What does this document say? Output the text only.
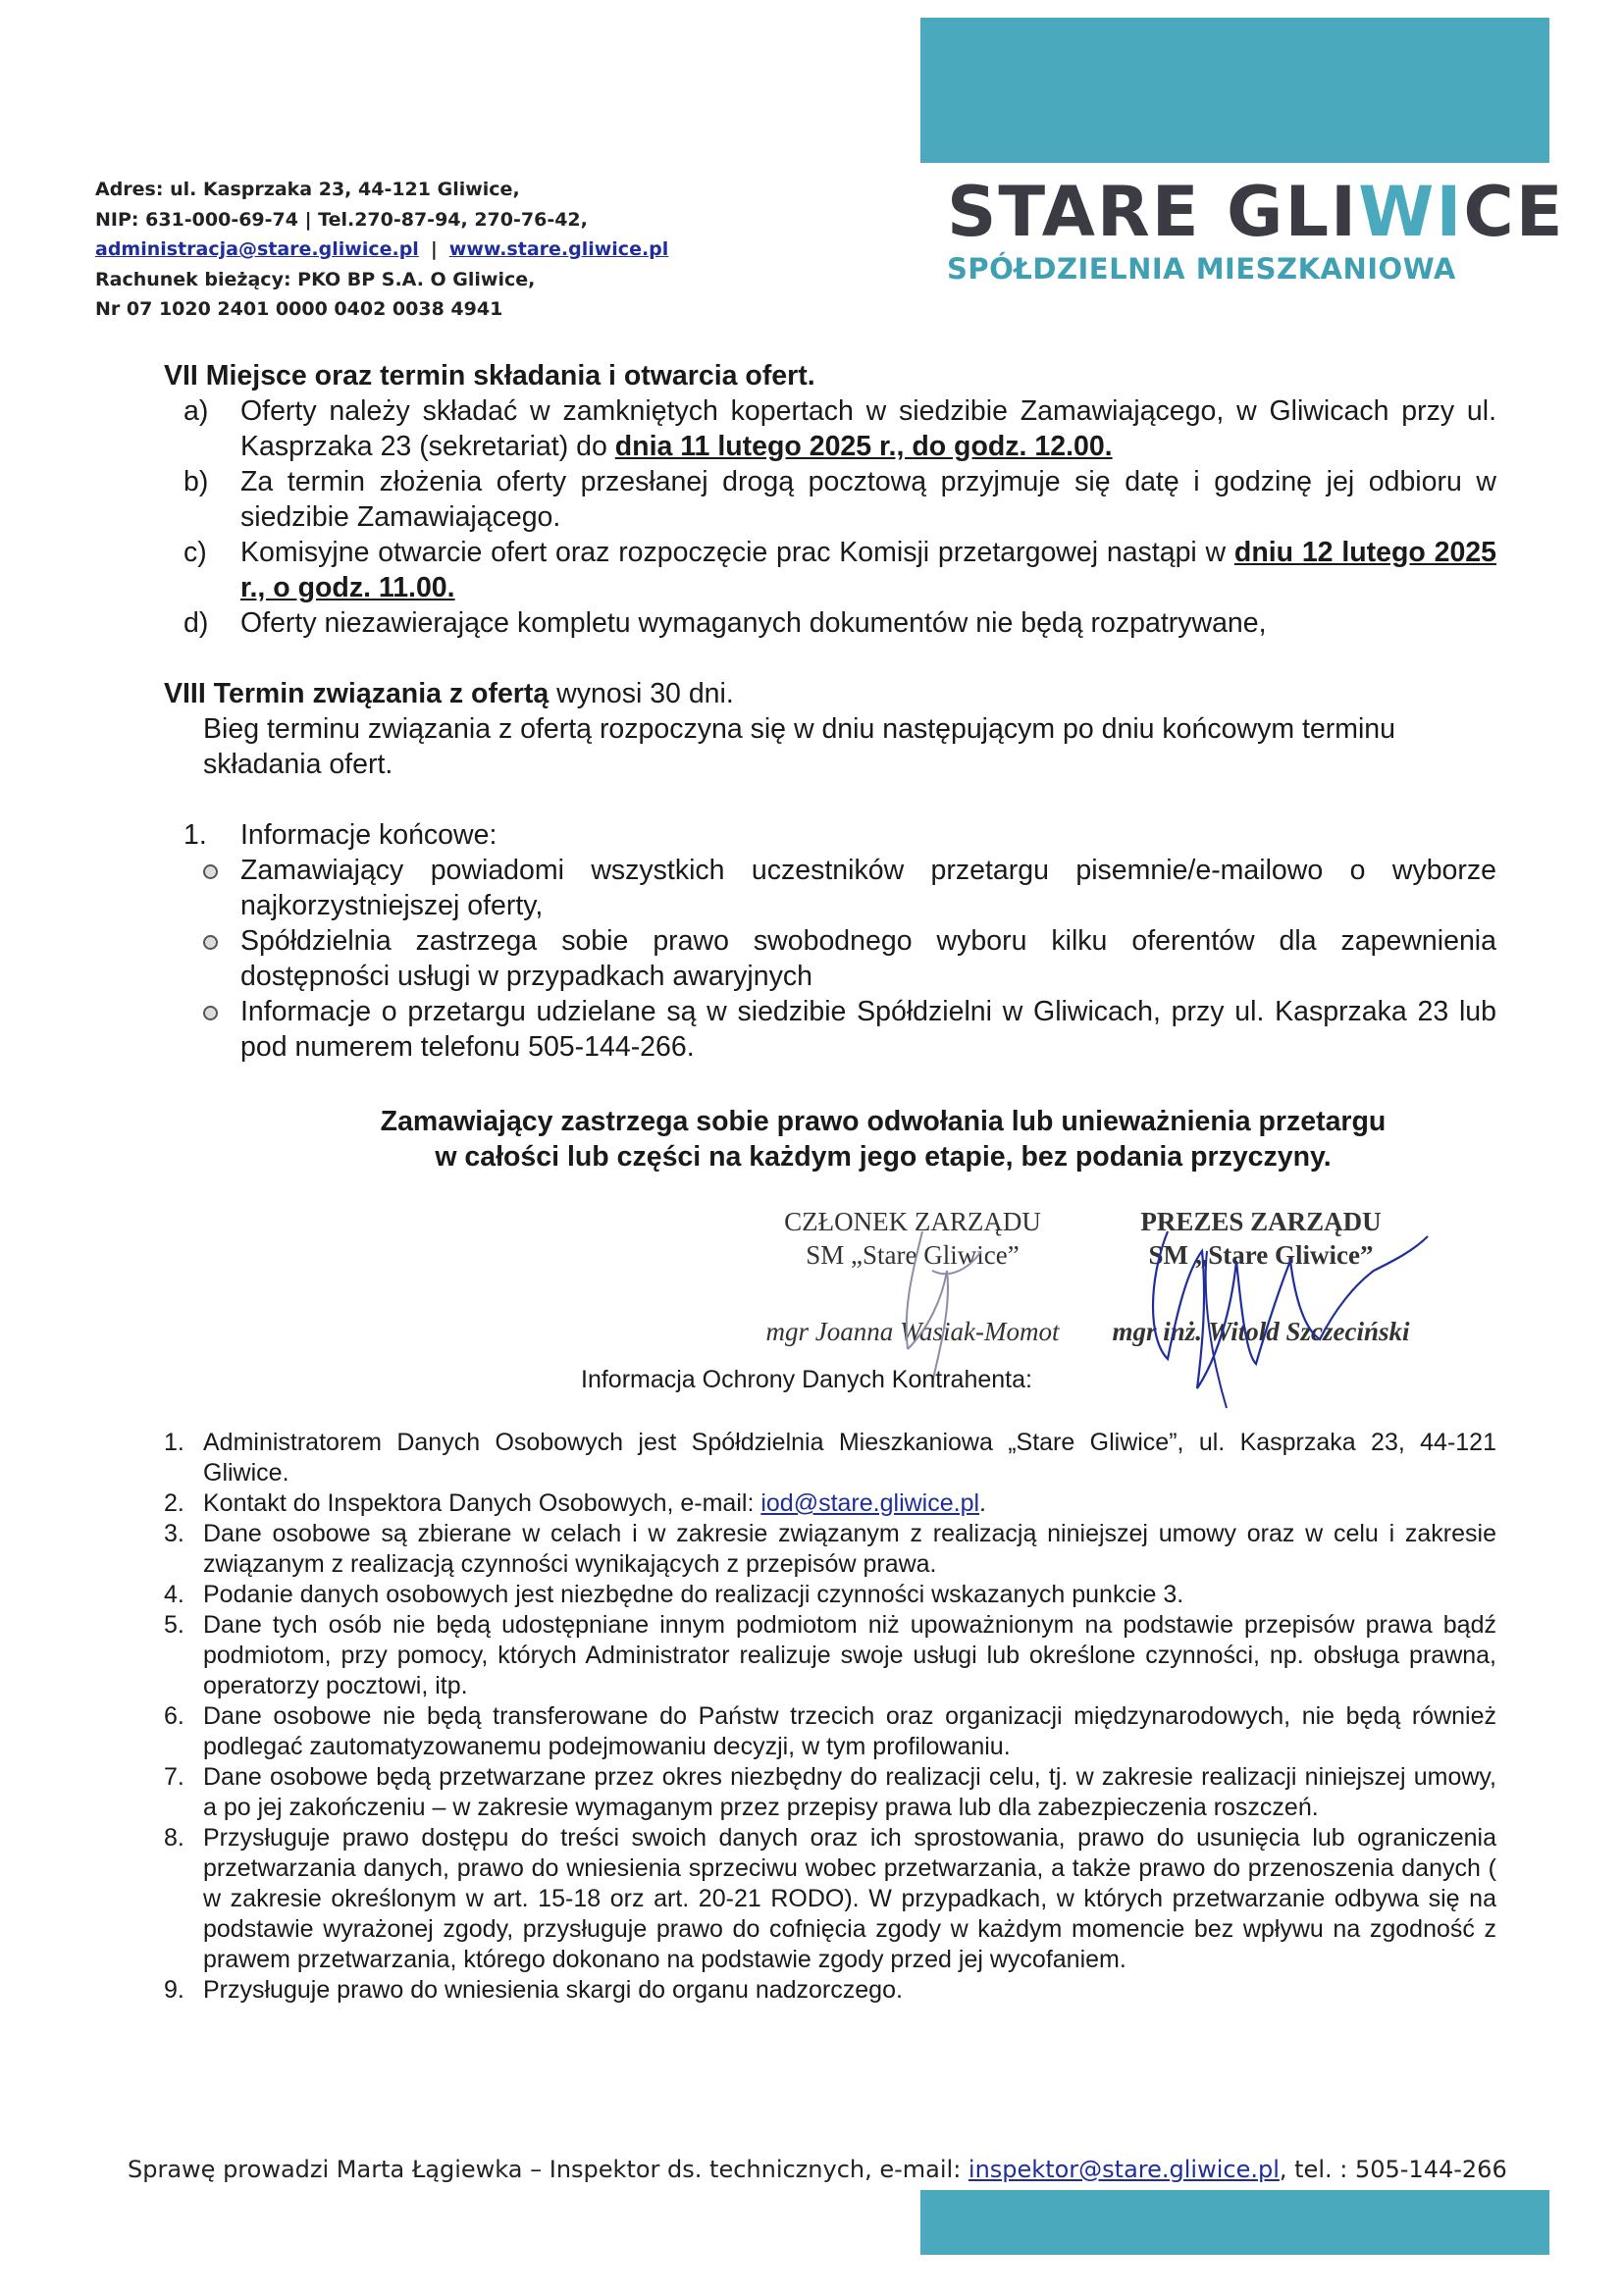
Adres: ul. Kasprzaka 23, 44-121 Gliwice,
NIP: 631-000-69-74 | Tel.270-87-94, 270-76-42,
administracja@stare.gliwice.pl | www.stare.gliwice.pl
Rachunek bieżący: PKO BP S.A. O Gliwice,
Nr 07 1020 2401 0000 0402 0038 4941
STARE GLIWICE
SPÓŁDZIELNIA MIESZKANIOWA
VII Miejsce oraz termin składania i otwarcia ofert.
a)	Oferty należy składać w zamkniętych kopertach w siedzibie Zamawiającego, w Gliwicach przy ul. Kasprzaka 23 (sekretariat) do dnia 11 lutego 2025 r., do godz. 12.00.
b)	Za termin złożenia oferty przesłanej drogą pocztową przyjmuje się datę i godzinę jej odbioru w siedzibie Zamawiającego.
c)	Komisyjne otwarcie ofert oraz rozpoczęcie prac Komisji przetargowej nastąpi w dniu 12 lutego 2025 r., o godz. 11.00.
d)	Oferty niezawierające kompletu wymaganych dokumentów nie będą rozpatrywane,
VIII Termin związania z ofertą wynosi 30 dni.
Bieg terminu związania z ofertą rozpoczyna się w dniu następującym po dniu końcowym terminu składania ofert.
1. Informacje końcowe:
Zamawiający powiadomi wszystkich uczestników przetargu pisemnie/e-mailowo o wyborze najkorzystniejszej oferty,
Spółdzielnia zastrzega sobie prawo swobodnego wyboru kilku oferentów dla zapewnienia dostępności usługi w przypadkach awaryjnych
Informacje o przetargu udzielane są w siedzibie Spółdzielni w Gliwicach, przy ul. Kasprzaka 23 lub pod numerem telefonu 505-144-266.
Zamawiający zastrzega sobie prawo odwołania lub unieważnienia przetargu
w całości lub części na każdym jego etapie, bez podania przyczyny.
CZŁONEK ZARZĄDU
SM „Stare Gliwice”
mgr Joanna Wasiak-Momot
PREZES ZARZĄDU
SM „Stare Gliwice”
mgr inż. Witold Szczeciński
Informacja Ochrony Danych Kontrahenta:
1. Administratorem Danych Osobowych jest Spółdzielnia Mieszkaniowa „Stare Gliwice”, ul. Kasprzaka 23, 44-121 Gliwice.
2. Kontakt do Inspektora Danych Osobowych, e-mail: iod@stare.gliwice.pl.
3. Dane osobowe są zbierane w celach i w zakresie związanym z realizacją niniejszej umowy oraz w celu i zakresie związanym z realizacją czynności wynikających z przepisów prawa.
4. Podanie danych osobowych jest niezbędne do realizacji czynności wskazanych punkcie 3.
5. Dane tych osób nie będą udostępniane innym podmiotom niż upoważnionym na podstawie przepisów prawa bądź podmiotom, przy pomocy, których Administrator realizuje swoje usługi lub określone czynności, np. obsługa prawna, operatorzy pocztowi, itp.
6. Dane osobowe nie będą transferowane do Państw trzecich oraz organizacji międzynarodowych, nie będą również podlegać zautomatyzowanemu podejmowaniu decyzji, w tym profilowaniu.
7. Dane osobowe będą przetwarzane przez okres niezbędny do realizacji celu, tj. w zakresie realizacji niniejszej umowy, a po jej zakończeniu – w zakresie wymaganym przez przepisy prawa lub dla zabezpieczenia roszczeń.
8. Przysługuje prawo dostępu do treści swoich danych oraz ich sprostowania, prawo do usunięcia lub ograniczenia przetwarzania danych, prawo do wniesienia sprzeciwu wobec przetwarzania, a także prawo do przenoszenia danych ( w zakresie określonym w art. 15-18 orz art. 20-21 RODO). W przypadkach, w których przetwarzanie odbywa się na podstawie wyrażonej zgody, przysługuje prawo do cofnięcia zgody w każdym momencie bez wpływu na zgodność z prawem przetwarzania, którego dokonano na podstawie zgody przed jej wycofaniem.
9. Przysługuje prawo do wniesienia skargi do organu nadzorczego.
Sprawę prowadzi Marta Łągiewka – Inspektor ds. technicznych, e-mail: inspektor@stare.gliwice.pl, tel. : 505-144-266
